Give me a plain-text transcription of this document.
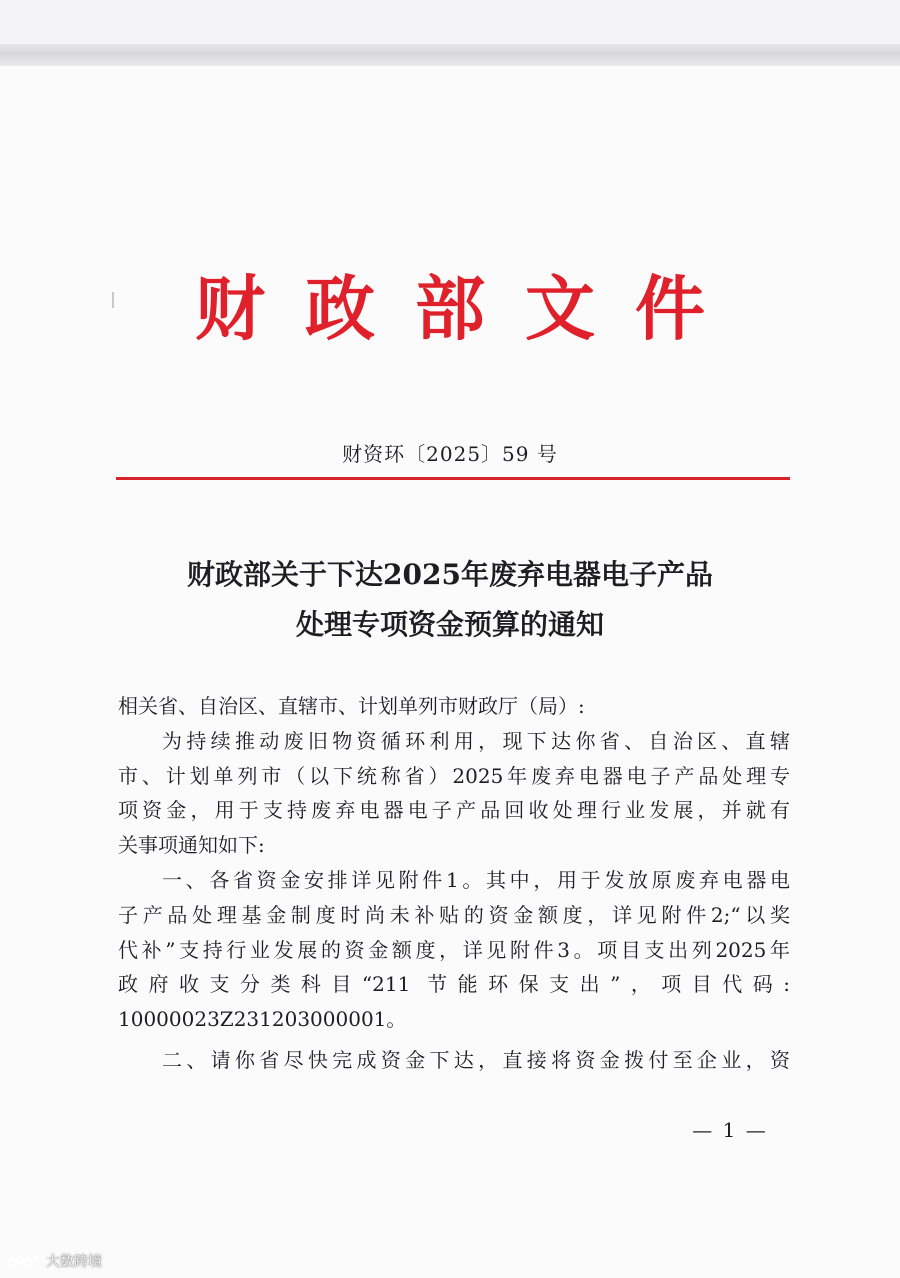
财政部文件
财资环〔2025〕59 号
财政部关于下达2025年废弃电器电子产品
处理专项资金预算的通知
相关省、自治区、直辖市、计划单列市财政厅（局）:
为持续推动废旧物资循环利用，现下达你省、自治区、直辖
市、计划单列市（以下统称省）2025年废弃电器电子产品处理专
项资金，用于支持废弃电器电子产品回收处理行业发展，并就有
关事项通知如下:
一、各省资金安排详见附件1。其中，用于发放原废弃电器电
子产品处理基金制度时尚未补贴的资金额度，详见附件2;“以奖
代补”支持行业发展的资金额度，详见附件3。项目支出列2025年
政府收支分类科目“211 节能环保支出”，项目代码:
10000023Z231203000001。
二、请你省尽快完成资金下达，直接将资金拨付至企业，资
— 1 —
大数跨境
